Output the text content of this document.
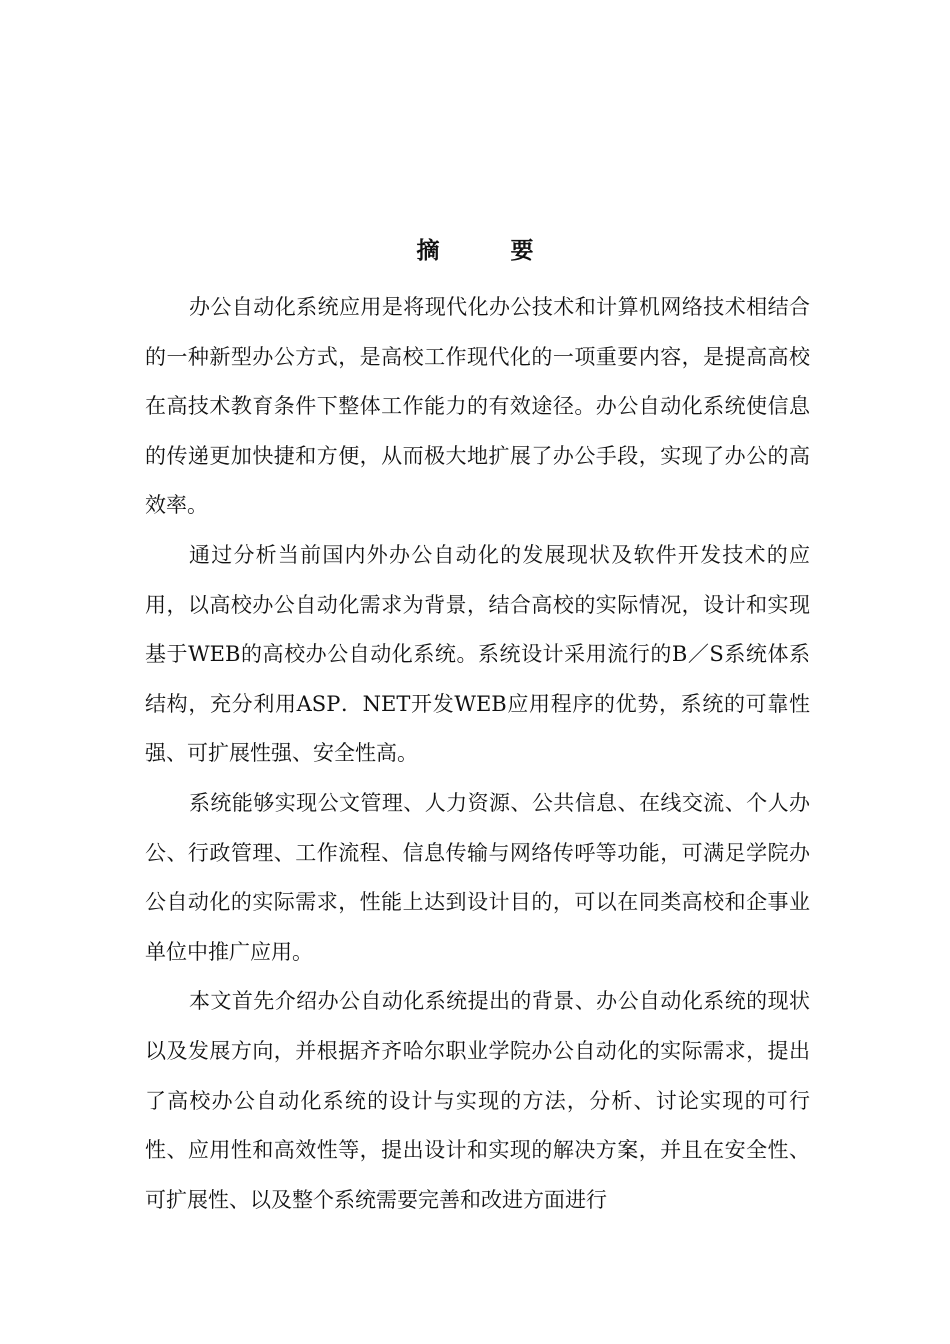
摘　要

办公自动化系统应用是将现代化办公技术和计算机网络技术相结合的一种新型办公方式，是高校工作现代化的一项重要内容，是提高高校在高技术教育条件下整体工作能力的有效途径。办公自动化系统使信息的传递更加快捷和方便，从而极大地扩展了办公手段，实现了办公的高效率。

通过分析当前国内外办公自动化的发展现状及软件开发技术的应用，以高校办公自动化需求为背景，结合高校的实际情况，设计和实现基于WEB的高校办公自动化系统。系统设计采用流行的B／S系统体系结构，充分利用ASP．NET开发WEB应用程序的优势，系统的可靠性强、可扩展性强、安全性高。

系统能够实现公文管理、人力资源、公共信息、在线交流、个人办公、行政管理、工作流程、信息传输与网络传呼等功能，可满足学院办公自动化的实际需求，性能上达到设计目的，可以在同类高校和企事业单位中推广应用。

本文首先介绍办公自动化系统提出的背景、办公自动化系统的现状以及发展方向，并根据齐齐哈尔职业学院办公自动化的实际需求，提出了高校办公自动化系统的设计与实现的方法，分析、讨论实现的可行性、应用性和高效性等，提出设计和实现的解决方案，并且在安全性、可扩展性、以及整个系统需要完善和改进方面进行
